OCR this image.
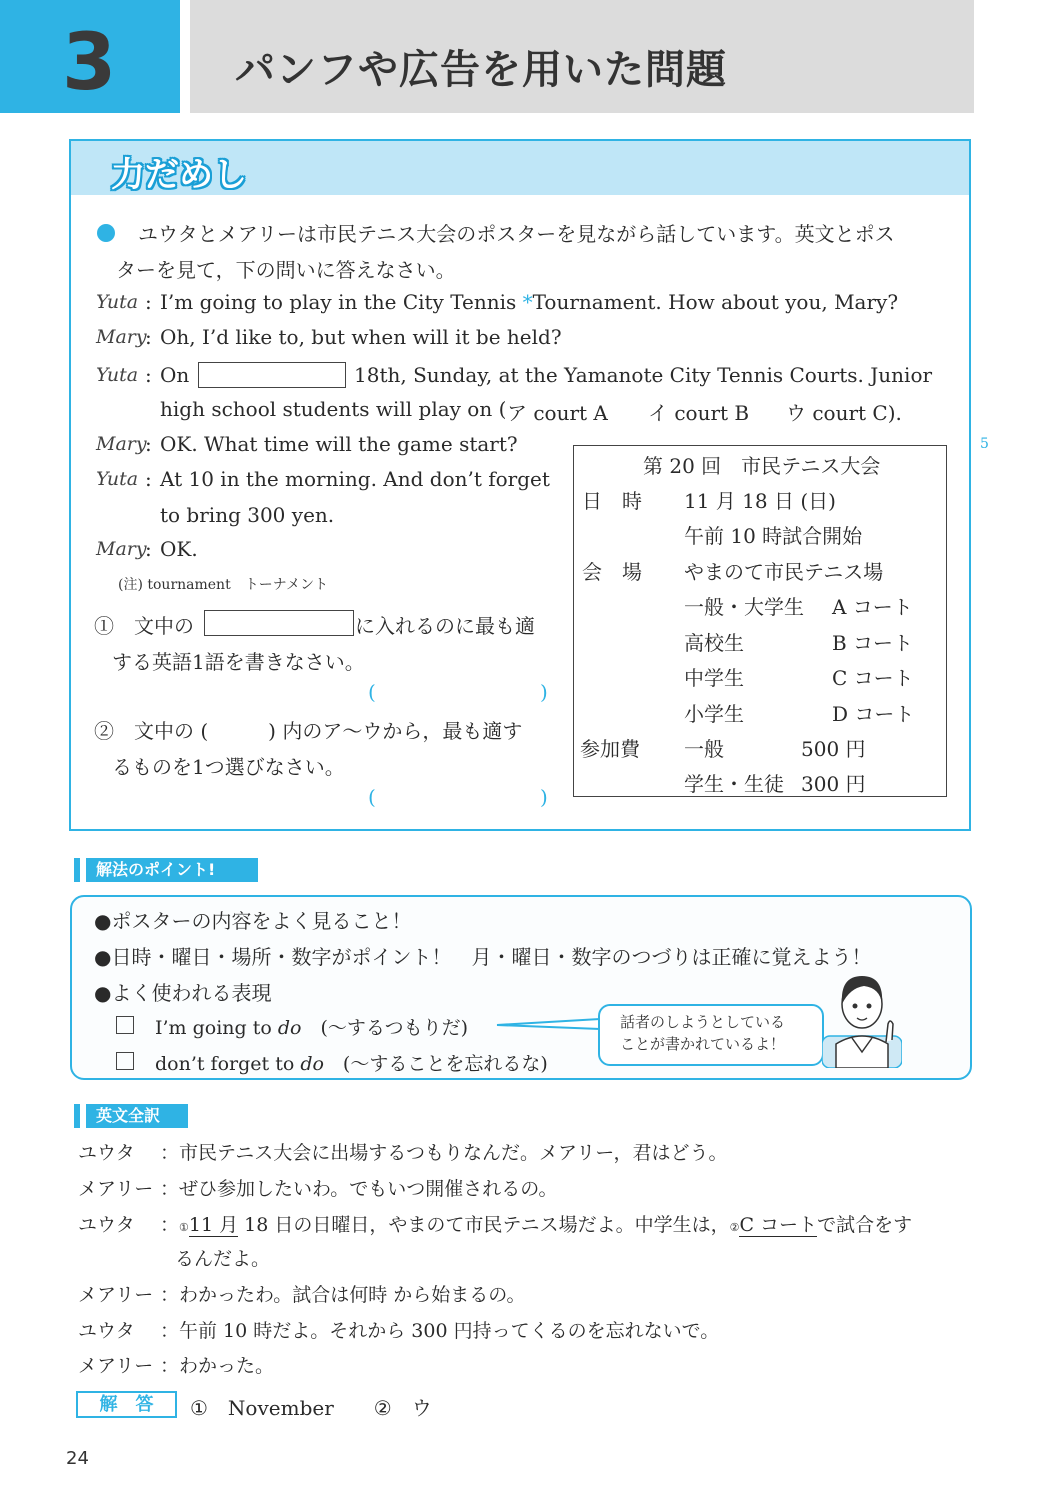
3	パンフや広告を用いた問題
力だめし
ユウタとメアリーは市民テニス大会のポスターを見ながら話しています。英文とポス
ターを見て，下の問いに答えなさい。
Yuta : I’m going to play in the City Tennis *Tournament. How about you, Mary?
Mary
: Oh, I’d like to, but when will it be held?
Yuta : On	18th, Sunday, at the Yamanote City Tennis Courts. Junior
high school students will play on ( ア court A イ court B ウ court C).
Mary
: OK. What time will the game start?	5
Yuta : At 10 in the morning. And don’t forget
to bring 300 yen.
Mary
: OK.
(注) tournament　トーナメント
①　文中の	に入れるのに最も適
する英語1語を書きなさい。
(	)
②　文中の (　　　) 内のア〜ウから，最も適す
るものを1つ選びなさい。
(	)
第 20 回　市民テニス大会
日　時 11 月 18 日 (日)
午前 10 時試合開始
会　場 やまのて市民テニス場
一般・大学生 A コート
高校生	B コート
中学生	C コート
小学生	D コート
参加費 一般	500 円
学生・生徒 300 円
解法のポイント!
●ポスターの内容をよく見ること！
●日時・曜日・場所・数字がポイント！　月・曜日・数字のつづりは正確に覚えよう！
●よく使われる表現
I’m going to do　(〜するつもりだ)
don’t forget to do　(〜することを忘れるな)
話者のしようとしている
ことが書かれているよ！
英文全訳
ユウタ ：市民テニス大会に出場するつもりなんだ。メアリー，君はどう。
メアリー ：ぜひ参加したいわ。でもいつ開催されるの。
ユウタ ：①11 月 18 日の日曜日，やまのて市民テニス場だよ。中学生は，②C コートで試合をす
るんだよ。
メアリー ：わかったわ。試合は何時 から始まるの。
ユウタ ：午前 10 時だよ。それから 300 円持ってくるのを忘れないで。
メアリー ：わかった。
解　答	①　November　　②　ウ
24
